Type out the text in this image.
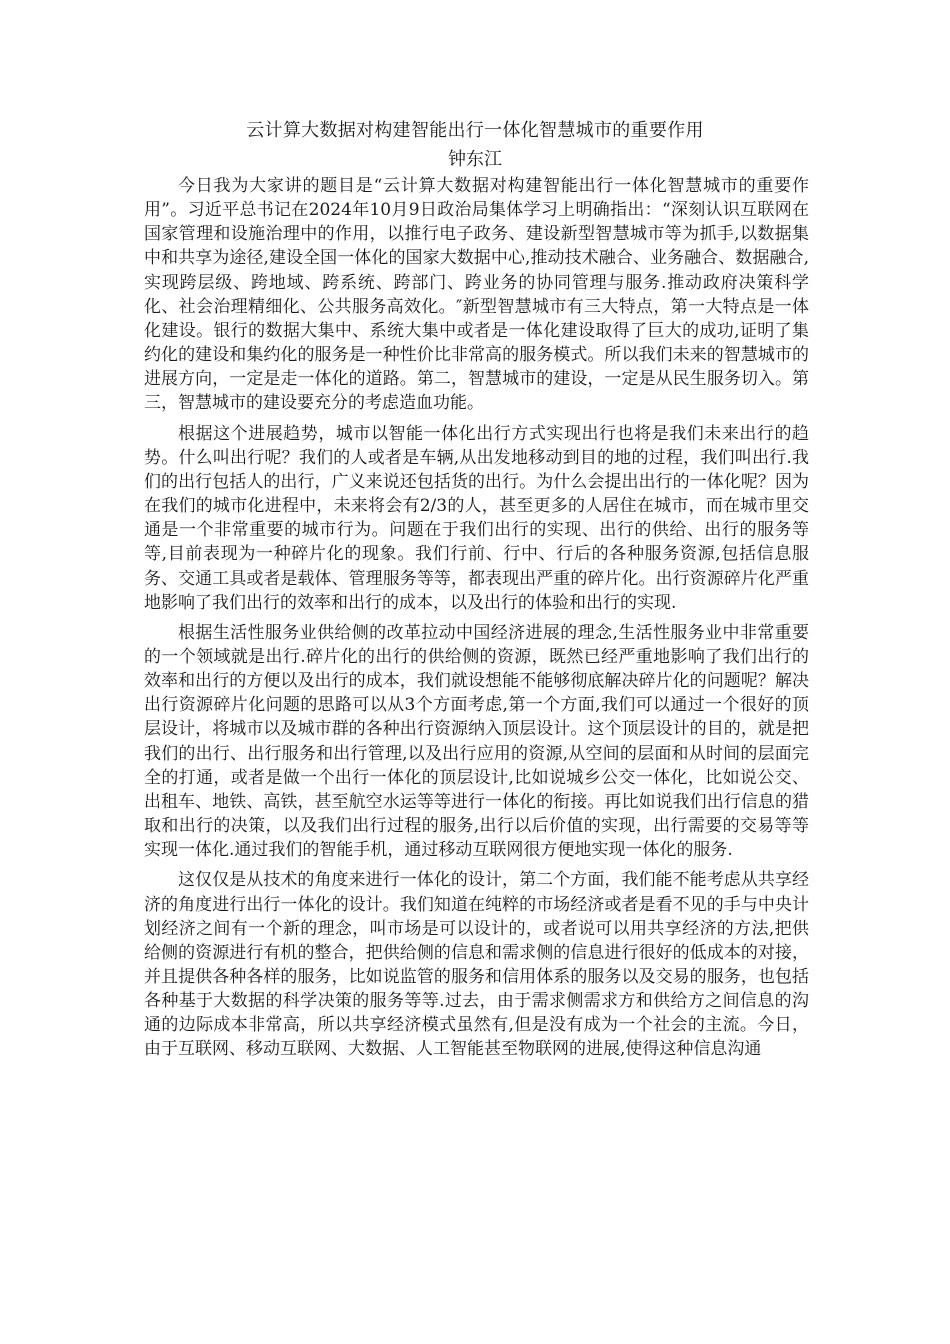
云计算大数据对构建智能出行一体化智慧城市的重要作用
钟东江

今日我为大家讲的题目是“云计算大数据对构建智能出行一体化智慧城市的重要作用”。习近平总书记在2024年10月9日政治局集体学习上明确指出：“深刻认识互联网在国家管理和设施治理中的作用，以推行电子政务、建设新型智慧城市等为抓手,以数据集中和共享为途径,建设全国一体化的国家大数据中心,推动技术融合、业务融合、数据融合,实现跨层级、跨地域、跨系统、跨部门、跨业务的协同管理与服务.推动政府决策科学化、社会治理精细化、公共服务高效化。″新型智慧城市有三大特点，第一大特点是一体化建设。银行的数据大集中、系统大集中或者是一体化建设取得了巨大的成功,证明了集约化的建设和集约化的服务是一种性价比非常高的服务模式。所以我们未来的智慧城市的进展方向，一定是走一体化的道路。第二，智慧城市的建设，一定是从民生服务切入。第三，智慧城市的建设要充分的考虑造血功能。

根据这个进展趋势，城市以智能一体化出行方式实现出行也将是我们未来出行的趋势。什么叫出行呢？我们的人或者是车辆,从出发地移动到目的地的过程，我们叫出行.我们的出行包括人的出行，广义来说还包括货的出行。为什么会提出出行的一体化呢？因为在我们的城市化进程中，未来将会有2/3的人，甚至更多的人居住在城市，而在城市里交通是一个非常重要的城市行为。问题在于我们出行的实现、出行的供给、出行的服务等等,目前表现为一种碎片化的现象。我们行前、行中、行后的各种服务资源,包括信息服务、交通工具或者是载体、管理服务等等，都表现出严重的碎片化。出行资源碎片化严重地影响了我们出行的效率和出行的成本，以及出行的体验和出行的实现.

根据生活性服务业供给侧的改革拉动中国经济进展的理念,生活性服务业中非常重要的一个领域就是出行.碎片化的出行的供给侧的资源，既然已经严重地影响了我们出行的效率和出行的方便以及出行的成本，我们就设想能不能够彻底解决碎片化的问题呢？解决出行资源碎片化问题的思路可以从3个方面考虑,第一个方面,我们可以通过一个很好的顶层设计，将城市以及城市群的各种出行资源纳入顶层设计。这个顶层设计的目的，就是把我们的出行、出行服务和出行管理,以及出行应用的资源,从空间的层面和从时间的层面完全的打通，或者是做一个出行一体化的顶层设计,比如说城乡公交一体化，比如说公交、出租车、地铁、高铁，甚至航空水运等等进行一体化的衔接。再比如说我们出行信息的猎取和出行的决策，以及我们出行过程的服务,出行以后价值的实现，出行需要的交易等等实现一体化.通过我们的智能手机，通过移动互联网很方便地实现一体化的服务.

这仅仅是从技术的角度来进行一体化的设计，第二个方面，我们能不能考虑从共享经济的角度进行出行一体化的设计。我们知道在纯粹的市场经济或者是看不见的手与中央计划经济之间有一个新的理念，叫市场是可以设计的，或者说可以用共享经济的方法,把供给侧的资源进行有机的整合，把供给侧的信息和需求侧的信息进行很好的低成本的对接，并且提供各种各样的服务，比如说监管的服务和信用体系的服务以及交易的服务，也包括各种基于大数据的科学决策的服务等等.过去，由于需求侧需求方和供给方之间信息的沟通的边际成本非常高，所以共享经济模式虽然有,但是没有成为一个社会的主流。今日，由于互联网、移动互联网、大数据、人工智能甚至物联网的进展,使得这种信息沟通
